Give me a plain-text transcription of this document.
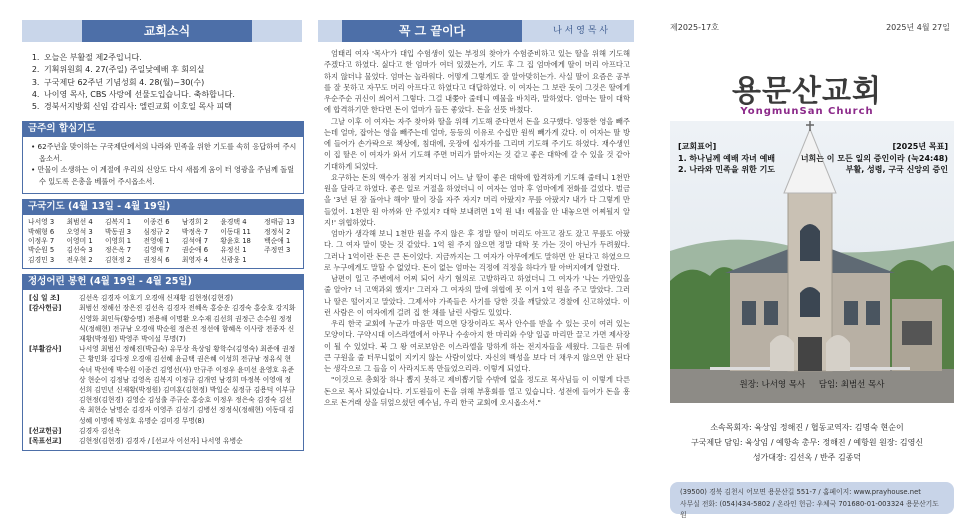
교회소식
1. 오늘은 부활절 제2주입니다.
2. 기획위원회 4. 27(주일) 주일낮예배 후 회의실
3. 구국제단 62주년 기념성회 4. 28(월)~30(수)
4. 나이영 목사, CBS 사랑에 선물도입습니다. 축하합니다.
5. 경북서지방회 신임 감리사: 엘린교회 이호일 목사 피택
금주의 합심기도
• 62주년을 맞이하는 구국제단에서의 나라와 민족을 위한 기도를 속히 응답하여 주시옵소서.
• 만물이 소생하는 이 계절에 우리의 신앙도 다시 새롭게 움이 터 영광을 주님께 돌릴 수 있도록 은총을 베풀어 주시옵소서.
구국기도 (4월 13일 - 4월 19일)
나서영 3	최범선 4	김복지 1	이종건 6	남경희 2	윤경택 4	정태금 13
박해형 6	오영석 3	박동권 3	심정규 2	박정옥 7	이동대 11	정정식 2
이정우 7	이영미 1	이영희 1	전영애 1	김석애 7	황윤호 18	백순애 1
박순원 5	김선숙 3	정은옥 7	김영애 7	권순애 6	유정신 1	주정연 3
김경민 3	전우현 2	김현정 2	권정식 6	최영자 4	신광웅 1	
정성어린 봉헌 (4월 19일 - 4월 25일)
[십 일 조]	김선옥 김경자 이호기 오경애 신재황 김현정(김현경)
[감사헌금]	최범선 정해선 장은진 김선옥 김경자 전혜옥 홍승운 김경숙 홍승호 강지화 신영화 최인득(황승명) 전용해 이명환 오수재 김선희 권정근 손수원 정정식(정해현) 전규남 오경애 박순원 정은진 정선애 함혜옥 이사랑 전종자 신재황(박정원) 박영주 박이설 무명(7)
[부활감사]	나서영 최범선 정해진(박금숙) 유무상 육상임 황학수(김영숙) 최준애 권정근 황민화 김다정 오경애 김선혜 윤금택 권은혜 이성희 전규남 정유식 현숙녀 박선애 박수원 이종건 김영선(사) 안규주 이정우 윤미선 윤영호 유준상 현순이 김정남 김영옥 김복지 이정규 김개연 남경희 마정복 이영애 정선희 김민년 신재황(박정원) 김미훈(김현정) 박일순 심정규 김용덕 이부규 김현정(김현경) 김영순 김성출 주규순 홍승호 이정우 정은숙 김경숙 김선옥 최현순 남명순 김경자 이영주 김성기 김병선 정정식(정해현) 이동대 김성혜 이명애 박성호 유명순 김미경 무명(8)
[선교헌금]	김경자 김선옥
[목표선교]	김현정(김현경) 김경자 / [선교사 이선자] 나서영 유병순
꼭 그 끝이다	나 서 영 목 사

엄태리 여자 '목사'가 대입 수험생이 있는 부정의 찾아가 수험준비하고 있는 딸을 위해 기도해 주겠다고 하였다. 싫다고 한 엄마가 여더 있겠는가, 기도 후 그 집 엄마에게 딸이 머리 아프다고 하지 않더냐 물었다. 엄마는 놀라워다. 어떻게 그렇게도 잘 알아맞히는가. 사실 딸이 요즘은 공부를 잘 못하고 자꾸도 머리 아프다고 하였다고 대답하였다. 이 여자는 그 보란 듯이 그것은 딸에게 우순주순 귀신이 씌어서 그렇다. 그걸 내쫓아 줄테니 예물을 바치라, 말하였다. 엄마는 딸이 대학에 합격하기만 한다면 돈이 얼마가 들든 좋았다. 돈을 선뜻 바쳤다.

그날 이후 이 여자는 자주 찾아와 딸을 위해 기도해 준다면서 돈을 요구했다. 엉뚱한 영을 빼주는데 얼마, 잡아는 영을 빼주는데 얼마, 등등의 이유로 수십만 원씩 빼가게 갔다. 이 여자는 딸 방에 들어가 손가락으로 책상에, 침대에, 옷장에 십자가를 그리며 기도해 주기도 하였다. 재수생인 이 집 딸은 이 여자가 와서 기도해 주면 머리가 맑아지는 것 같고 좋은 대학에 갈 수 있을 것 같아 기대하게 되었다.

요구하는 돈의 액수가 점점 커지더니 어느 날 딸이 좋은 대학에 합격하게 기도해 줄테니 1천만 원을 달라고 하였다. 좋은 일로 거절을 하였더니 이 여자는 엄마 후 엄마에게 전화를 걸었다. 벌금을 '3년 된 잠 돌아나 해야' 딸이 장을 자주 자지? 머리 아팠지? 무릎 아팠지? 내가 다 그렇게 만들었어. 1천만 원 아까와 안 주었지? 대학 보내려면 1억 원 내! 예물을 안 내놓으면 어찌될지 알지!' 위협하였다.

엄마가 생각해 보니 1천만 원을 주지 않은 후 정말 딸이 머리도 아프고 잠도 잤고 무릎도 아팠다. 그 여자 말이 맞는 것 같았다. 1억 원 주지 않으면 정말 대학 못 가는 것이 아닌가 두려웠다. 그러나 1억이란 돈은 큰 돈이었다. 지금까지는 그 여자가 아무에게도 말하면 안 된다고 하였으므로 누구에게도 말할 수 없었다. 돈이 없는 엄마는 걱정에 걱정을 하다가 딸 아버지에게 알렸다.

남편이 일고 주변에서 어찌 되어 사기 혐의로 고발하라고 하였더니 그 여자가 '나는 가만있을 줄 알아? 너 고액과외 했지!' 그러자 그 여자의 말에 위협에 못 이겨 1억 원을 주고 말았다. 그러나 딸은 떨어지고 말았다. 그제서야 가족들은 사기를 당한 것을 깨달았고 경찰에 신고하였다. 이런 사람은 이 여자에게 걸려 집 한 채를 날린 사람도 있었다.

우리 한국 교회에 누군가 마음만 먹으면 당장이라도 목사 안수를 받을 수 있는 곳이 여러 있는 모양이다. 구약시대 이스라엘에서 아무나 수송아지 한 마리와 수양 일곱 마리만 끌고 가면 제사장이 될 수 있었다. 북 그 왕 여로보암은 이스라엘을 망하게 하는 전지자들을 세웠다. 그들은 뒤에 큰 구원을 줄 터무니없이 지키지 않는 사람이었다. 자신의 백성을 보다 더 채우지 않으면 안 된다는 생각으로 그 들을 이 사라지도록 만들었으리라. 이렇게 되었다.

"이것으로 총회장 하나 뽑지 못하고 제비뽑기할 수밖에 없을 정도로 목사님들 이 이렇게 다른 돈으로 목사 되었습니다. 기도원들이 돈을 위해 부흥회를 열고 있습니다. 성전에 들어가 돈을 흥으로 돈거래 상을 뒤엎으셨던 예수님, 우리 한국 교회에 오시옵소서."

제2025-17호	2025년 4월 27일
용문산교회
YongmunSan Church
[교회표어]
1. 하나님께 예배 자녀 예배
2. 나라와 민족을 위한 기도
[2025년 목표]
너희는 이 모든 일의 증인이라 (눅24:48)
부활, 성령, 구국 신앙의 증인
원장: 나서영 목사     담임: 최범선 목사
소속목회자: 육상임 정해진 / 협동교역자: 김명숙 현순이
구국제단 담임: 육상임 / 예항속 총무: 정해진 / 예항원 원장: 김영신
성가대장: 김선옥 / 반주 김종덕
(39500) 경북 김천시 어모면 용문산길 551-7 / 홈페이지: www.prayhouse.net
사무실 전화: (054)434-5802 / 온라인 헌금: 우체국 701680-01-003324 용문산기도원
